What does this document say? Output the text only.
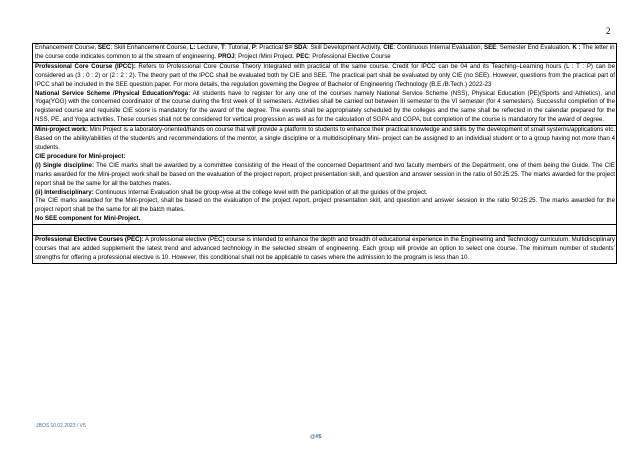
2

Enhancement Course, SEC: Skill Enhancement Course, L: Lecture, T: Tutorial, P: Practical S= SDA: Skill Development Activity, CIE: Continuous Internal Evaluation, SEE: Semester End Evaluation. K : The letter in the course code indicates common to al the stream of engineering. PROJ: Project /Mini Project. PEC: Professional Elective Course

Professional Core Course (IPCC): Refers to Professional Core Course Theory Integrated with practical of the same course. Credit for IPCC can be 04 and its Teaching–Learning hours (L : T : P) can be considered as (3 : 0 : 2) or (2 : 2 : 2). The theory part of the IPCC shall be evaluated both by CIE and SEE. The practical part shall be evaluated by only CIE (no SEE). However, questions from the practical part of IPCC shall be included in the SEE question paper. For more details, the regulation governing the Degree of Bachelor of Engineering /Technology (B.E./B.Tech.) 2022-23

National Service Scheme /Physical Education/Yoga: All students have to register for any one of the courses namely National Service Scheme (NSS), Physical Education (PE)(Sports and Athletics), and Yoga(YOG) with the concerned coordinator of the course during the first week of III semesters. Activities shall be carried out between III semester to the VI semester (for 4 semesters). Successful completion of the registered course and requisite CIE score is mandatory for the award of the degree. The events shall be appropriately scheduled by the colleges and the same shall be reflected in the calendar prepared for the NSS, PE, and Yoga activities. These courses shall not be considered for vertical progression as well as for the calculation of SGPA and CGPA, but completion of the course is mandatory for the award of degree.

Mini-project work: Mini Project is a laboratory-oriented/hands on course that will provide a platform to students to enhance their practical knowledge and skills by the development of small systems/applications etc. Based on the ability/abilities of the student/s and recommendations of the mentor, a single discipline or a multidisciplinary Mini- project can be assigned to an individual student or to a group having not more than 4 students.

CIE procedure for Mini-project:

(i) Single discipline: The CIE marks shall be awarded by a committee consisting of the Head of the concerned Department and two faculty members of the Department, one of them being the Guide. The CIE marks awarded for the Mini-project work shall be based on the evaluation of the project report, project presentation skill, and question and answer session in the ratio of 50:25:25. The marks awarded for the project report shall be the same for all the batches mates.

(ii) Interdisciplinary: Continuous Internal Evaluation shall be group-wise at the college level with the participation of all the guides of the project.

The CIE marks awarded for the Mini-project, shall be based on the evaluation of the project report, project presentation skill, and question and answer session in the ratio 50:25:25. The marks awarded for the project report shall be the same for all the batch mates.

No SEE component for Mini-Project.

Professional Elective Courses (PEC): A professional elective (PEC) course is intended to enhance the depth and breadth of educational experience in the Engineering and Technology curriculum. Multidisciplinary courses that are added supplement the latest trend and advanced technology in the selected stream of engineering. Each group will provide an option to select one course. The minimum number of students’ strengths for offering a professional elective is 10. However, this conditional shall not be applicable to cases where the admission to the program is less than 10.

JBOS 10.02.2023 / V5
@#$
